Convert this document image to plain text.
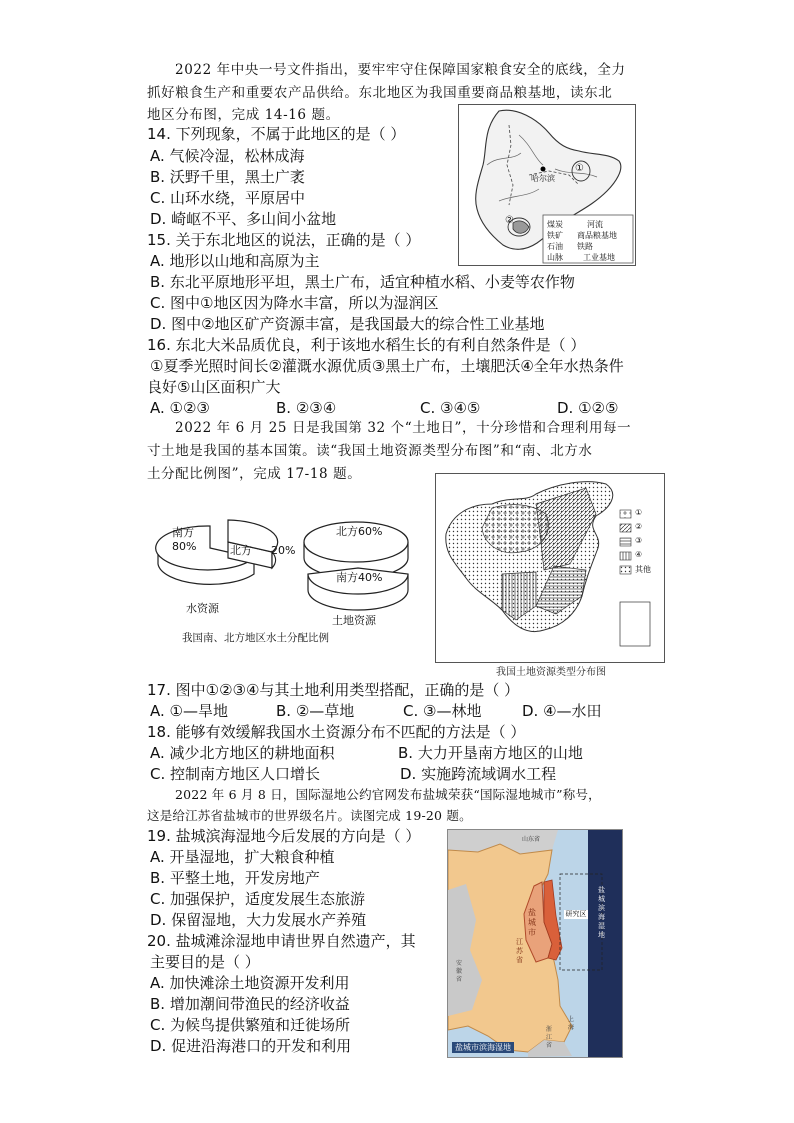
2022 年中央一号文件指出，要牢牢守住保障国家粮食安全的底线，全力
抓好粮食生产和重要农产品供给。东北地区为我国重要商品粮基地，读东北
地区分布图，完成 14-16 题。
14. 下列现象，不属于此地区的是（ ）
A. 气候冷湿，松林成海
B. 沃野千里，黑土广袤
C. 山环水绕，平原居中
D. 崎岖不平、多山间小盆地
哈尔滨
①
②	煤炭	河流
铁矿 商品粮基地
石油 铁路
山脉	工业基地
15. 关于东北地区的说法，正确的是（ ）
A. 地形以山地和高原为主
B. 东北平原地形平坦，黑土广布，适宜种植水稻、小麦等农作物
C. 图中①地区因为降水丰富，所以为湿润区
D. 图中②地区矿产资源丰富，是我国最大的综合性工业基地
16. 东北大米品质优良，利于该地水稻生长的有利自然条件是（ ）
①夏季光照时间长②灌溉水源优质③黑土广布，土壤肥沃④全年水热条件
良好⑤山区面积广大
A. ①②③	B. ②③④	C. ③④⑤	D. ①②⑤
2022 年 6 月 25 日是我国第 32 个“土地日”，十分珍惜和合理利用每一
寸土地是我国的基本国策。读“我国土地资源类型分布图”和“南、北方水
土分配比例图”，完成 17-18 题。
南方
80%	北方 20%
北方60%
南方40%
水资源
土地资源
我国南、北方地区水土分配比例
①
②
③
④
其他
我国土地资源类型分布图
17. 图中①②③④与其土地利用类型搭配，正确的是（ ）
A. ①—旱地	B. ②—草地	C. ③—林地	D. ④—水田
18. 能够有效缓解我国水土资源分布不匹配的方法是（ ）
A. 减少北方地区的耕地面积	B. 大力开垦南方地区的山地
C. 控制南方地区人口增长	D. 实施跨流域调水工程
2022 年 6 月 8 日，国际湿地公约官网发布盐城荣获“国际湿地城市”称号，
这是给江苏省盐城市的世界级名片。读图完成 19-20 题。
19. 盐城滨海湿地今后发展的方向是（ ）
A. 开垦湿地，扩大粮食种植
B. 平整土地，开发房地产
C. 加强保护，适度发展生态旅游
D. 保留湿地，大力发展水产养殖
20. 盐城滩涂湿地申请世界自然遗产，其
主要目的是（ ）
A. 加快滩涂土地资源开发利用
B. 增加潮间带渔民的经济收益
C. 为候鸟提供繁殖和迁徙场所
D. 促进沿海港口的开发和利用
山东省
盐城市
江苏省
安徽省
浙江省
上海
研究区
盐城滨海湿地
盐城市滨海湿地
